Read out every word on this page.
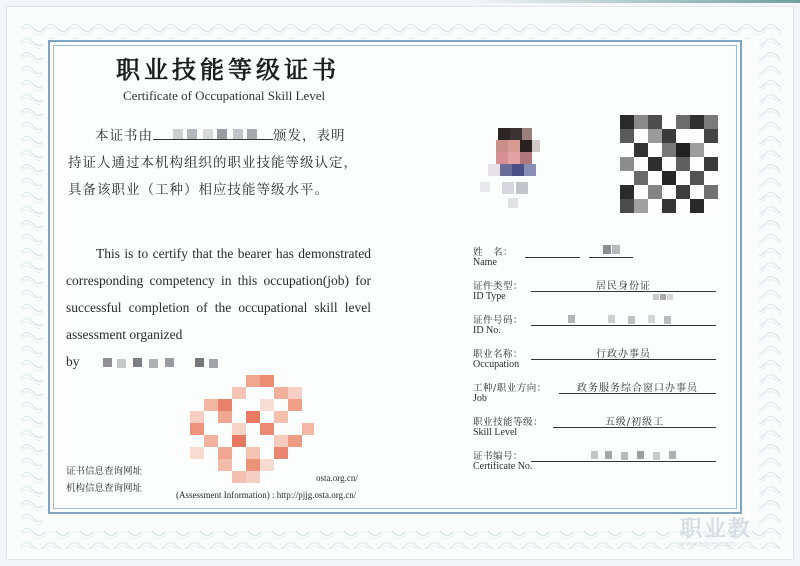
职业技能等级证书
Certificate of Occupational Skill Level
本证书由	颁发，表明
持证人通过本机构组织的职业技能等级认定，
具备该职业（工种）相应技能等级水平。
This is to certify that the bearer has demonstrated corresponding competency in this occupation(job) for successful completion of the occupational skill level assessment organized
by
姓　名：
Name
证件类型：
ID Type
居民身份证
证件号码：
ID No.
职业名称：
Occupation
行政办事员
工种/职业方向：
Job
政务服务综合窗口办事员
职业技能等级：
Skill Level
五级/初级工
证书编号：
Certificate No.
证书信息查询网址
机构信息查询网址
osta.org.cn/
(Assessment Information) : http://pjjg.osta.org.cn/
职业教
www.eduei.com
